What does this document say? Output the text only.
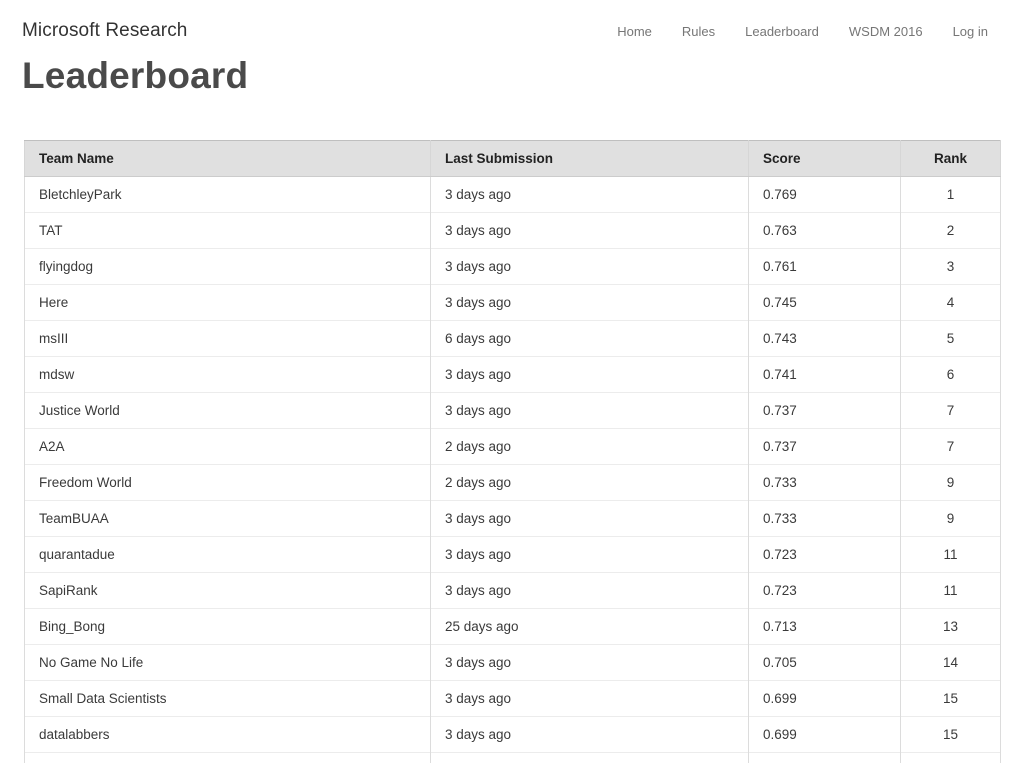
Microsoft Research	Home Rules Leaderboard WSDM 2016 Log in
Leaderboard
Team Name	Last Submission	Score	Rank
BletchleyPark	3 days ago	0.769	1
TAT	3 days ago	0.763	2
flyingdog	3 days ago	0.761	3
Here	3 days ago	0.745	4
msIII	6 days ago	0.743	5
mdsw	3 days ago	0.741	6
Justice World	3 days ago	0.737	7
A2A	2 days ago	0.737	7
Freedom World	2 days ago	0.733	9
TeamBUAA	3 days ago	0.733	9
quarantadue	3 days ago	0.723	11
SapiRank	3 days ago	0.723	11
Bing_Bong	25 days ago	0.713	13
No Game No Life	3 days ago	0.705	14
Small Data Scientists	3 days ago	0.699	15
datalabbers	3 days ago	0.699	15
